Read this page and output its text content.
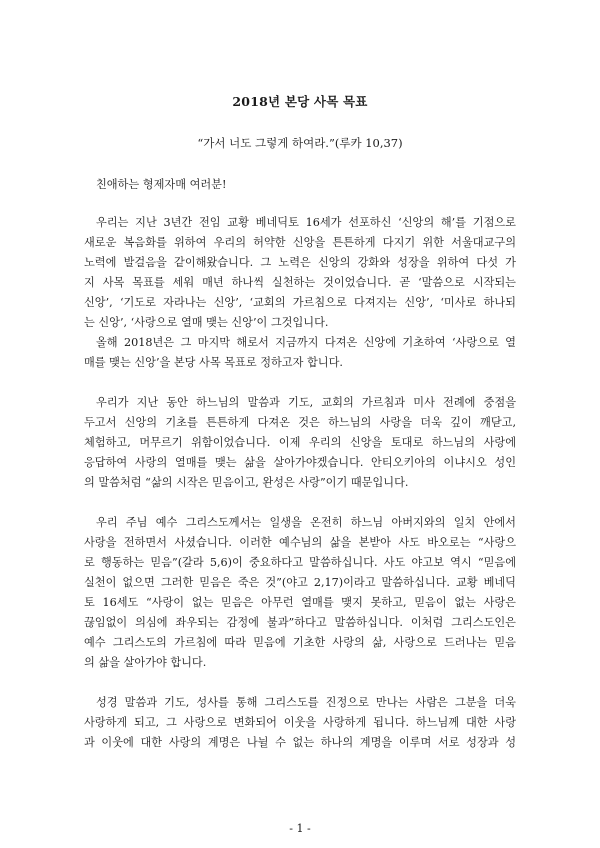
2018년 본당 사목 목표
“가서 너도 그렇게 하여라.”(루카 10,37)
친애하는 형제자매 여러분!
우리는 지난 3년간 전임 교황 베네딕토 16세가 선포하신 ‘신앙의 해’를 기점으로
새로운 복음화를 위하여 우리의 허약한 신앙을 튼튼하게 다지기 위한 서울대교구의
노력에 발걸음을 같이해왔습니다. 그 노력은 신앙의 강화와 성장을 위하여 다섯 가
지 사목 목표를 세워 매년 하나씩 실천하는 것이었습니다. 곧 ‘말씀으로 시작되는
신앙’, ‘기도로 자라나는 신앙’, ‘교회의 가르침으로 다져지는 신앙’, ‘미사로 하나되
는 신앙’, ‘사랑으로 열매 맺는 신앙’이 그것입니다.
올해 2018년은 그 마지막 해로서 지금까지 다져온 신앙에 기초하여 ‘사랑으로 열
매를 맺는 신앙’을 본당 사목 목표로 정하고자 합니다.
우리가 지난 동안 하느님의 말씀과 기도, 교회의 가르침과 미사 전례에 중점을
두고서 신앙의 기초를 튼튼하게 다져온 것은 하느님의 사랑을 더욱 깊이 깨닫고,
체험하고, 머무르기 위함이었습니다. 이제 우리의 신앙을 토대로 하느님의 사랑에
응답하여 사랑의 열매를 맺는 삶을 살아가야겠습니다. 안티오키아의 이냐시오 성인
의 말씀처럼 “삶의 시작은 믿음이고, 완성은 사랑”이기 때문입니다.
우리 주님 예수 그리스도께서는 일생을 온전히 하느님 아버지와의 일치 안에서
사랑을 전하면서 사셨습니다. 이러한 예수님의 삶을 본받아 사도 바오로는 “사랑으
로 행동하는 믿음”(갈라 5,6)이 중요하다고 말씀하십니다. 사도 야고보 역시 “믿음에
실천이 없으면 그러한 믿음은 죽은 것”(야고 2,17)이라고 말씀하십니다. 교황 베네딕
토 16세도 “사랑이 없는 믿음은 아무런 열매를 맺지 못하고, 믿음이 없는 사랑은
끊임없이 의심에 좌우되는 감정에 불과”하다고 말씀하십니다. 이처럼 그리스도인은
예수 그리스도의 가르침에 따라 믿음에 기초한 사랑의 삶, 사랑으로 드러나는 믿음
의 삶을 살아가야 합니다.
성경 말씀과 기도, 성사를 통해 그리스도를 진정으로 만나는 사람은 그분을 더욱
사랑하게 되고, 그 사랑으로 변화되어 이웃을 사랑하게 됩니다. 하느님께 대한 사랑
과 이웃에 대한 사랑의 계명은 나뉠 수 없는 하나의 계명을 이루며 서로 성장과 성
- 1 -
